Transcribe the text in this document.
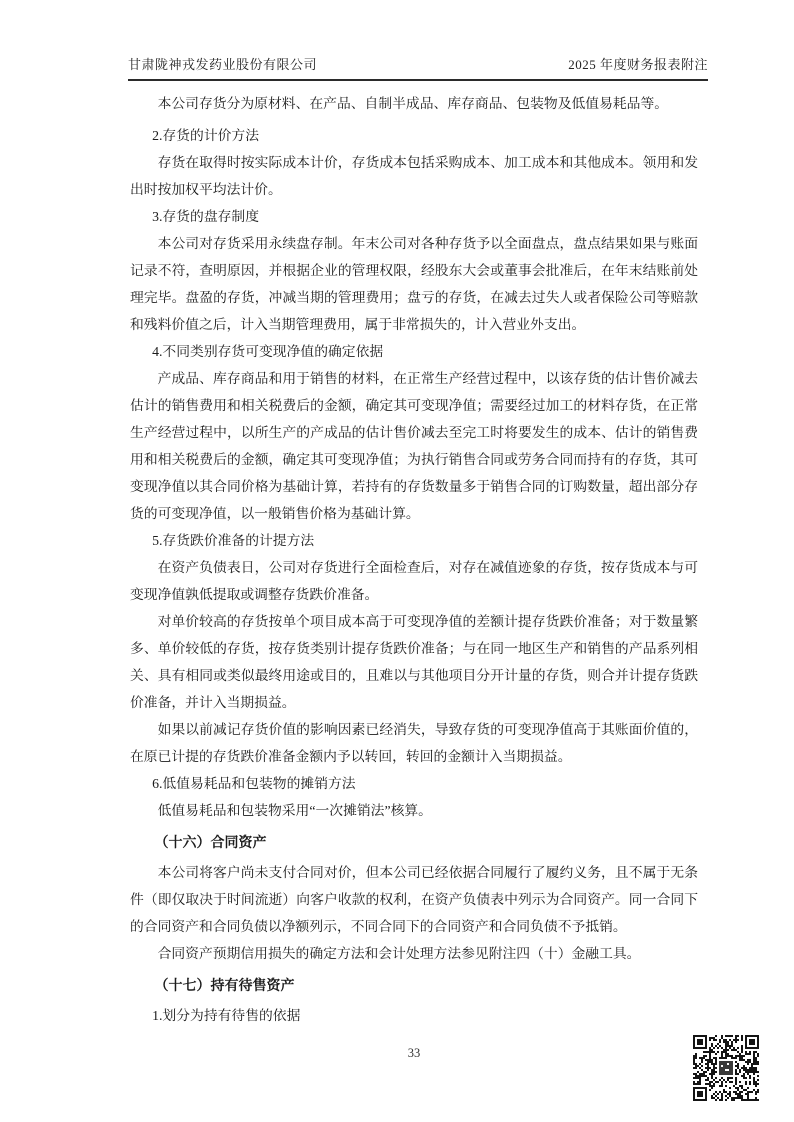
甘肃陇神戎发药业股份有限公司	2025 年度财务报表附注

本公司存货分为原材料、在产品、自制半成品、库存商品、包装物及低值易耗品等。

2.存货的计价方法

存货在取得时按实际成本计价，存货成本包括采购成本、加工成本和其他成本。领用和发出时按加权平均法计价。

3.存货的盘存制度

本公司对存货采用永续盘存制。年末公司对各种存货予以全面盘点，盘点结果如果与账面记录不符，查明原因，并根据企业的管理权限，经股东大会或董事会批准后，在年末结账前处理完毕。盘盈的存货，冲减当期的管理费用；盘亏的存货，在减去过失人或者保险公司等赔款和残料价值之后，计入当期管理费用，属于非常损失的，计入营业外支出。

4.不同类别存货可变现净值的确定依据

产成品、库存商品和用于销售的材料，在正常生产经营过程中，以该存货的估计售价减去估计的销售费用和相关税费后的金额，确定其可变现净值；需要经过加工的材料存货，在正常生产经营过程中，以所生产的产成品的估计售价减去至完工时将要发生的成本、估计的销售费用和相关税费后的金额，确定其可变现净值；为执行销售合同或劳务合同而持有的存货，其可变现净值以其合同价格为基础计算，若持有的存货数量多于销售合同的订购数量，超出部分存货的可变现净值，以一般销售价格为基础计算。

5.存货跌价准备的计提方法

在资产负债表日，公司对存货进行全面检查后，对存在减值迹象的存货，按存货成本与可变现净值孰低提取或调整存货跌价准备。

对单价较高的存货按单个项目成本高于可变现净值的差额计提存货跌价准备；对于数量繁多、单价较低的存货，按存货类别计提存货跌价准备；与在同一地区生产和销售的产品系列相关、具有相同或类似最终用途或目的，且难以与其他项目分开计量的存货，则合并计提存货跌价准备，并计入当期损益。

如果以前减记存货价值的影响因素已经消失，导致存货的可变现净值高于其账面价值的，在原已计提的存货跌价准备金额内予以转回，转回的金额计入当期损益。

6.低值易耗品和包装物的摊销方法

低值易耗品和包装物采用“一次摊销法”核算。

（十六）合同资产

本公司将客户尚未支付合同对价，但本公司已经依据合同履行了履约义务，且不属于无条件（即仅取决于时间流逝）向客户收款的权利，在资产负债表中列示为合同资产。同一合同下的合同资产和合同负债以净额列示，不同合同下的合同资产和合同负债不予抵销。

合同资产预期信用损失的确定方法和会计处理方法参见附注四（十）金融工具。

（十七）持有待售资产

1.划分为持有待售的依据

33
